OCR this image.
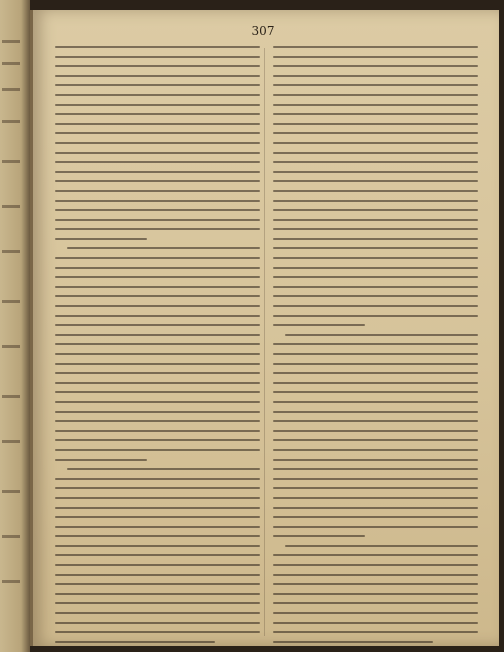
307
